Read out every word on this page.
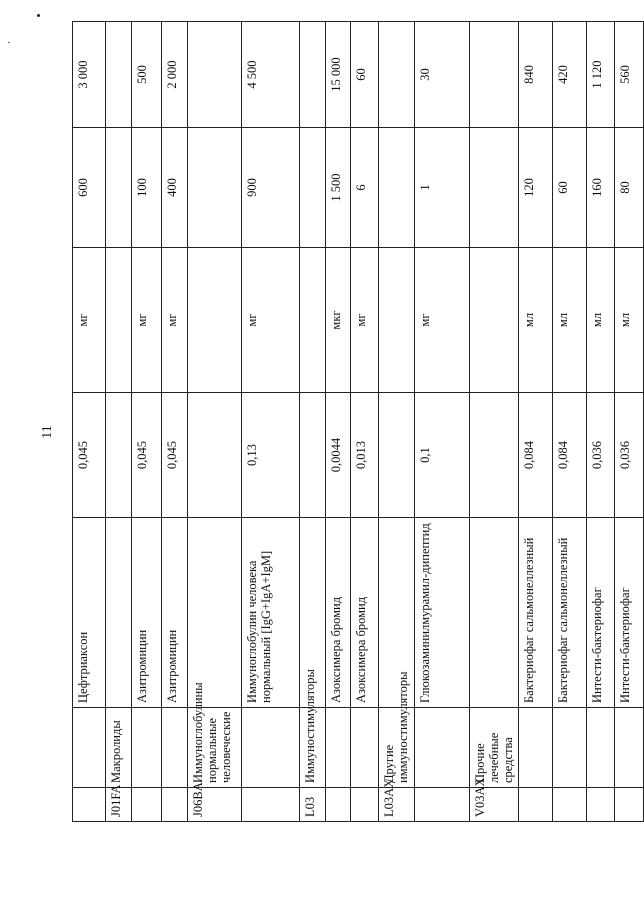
11
		Цефтриаксон	0,045	мг	600	3 000
J01FA	Макролиды					
		Азитромицин	0,045	мг	100	500
		Азитромицин	0,045	мг	400	2 000
J06BA	Иммуноглобулины нормальные человеческие					
		Иммуноглобулин человека нормальный [IgG+IgA+IgM]	0,13	мг	900	4 500
L03	Иммуностимуляторы					
		Азоксимера бромид	0,0044	мкг	1 500	15 000
		Азоксимера бромид	0,013	мг	6	60
L03AX	Другие иммуностимуляторы					
		Глюкозаминилмурамил-дипептид	0,1	мг	1	30
V03AX	Прочие лечебные средства					
		Бактериофаг сальмонеллезный	0,084	мл	120	840
		Бактериофаг сальмонеллезный	0,084	мл	60	420
		Интести-бактериофаг	0,036	мл	160	1 120
		Интести-бактериофаг	0,036	мл	80	560
